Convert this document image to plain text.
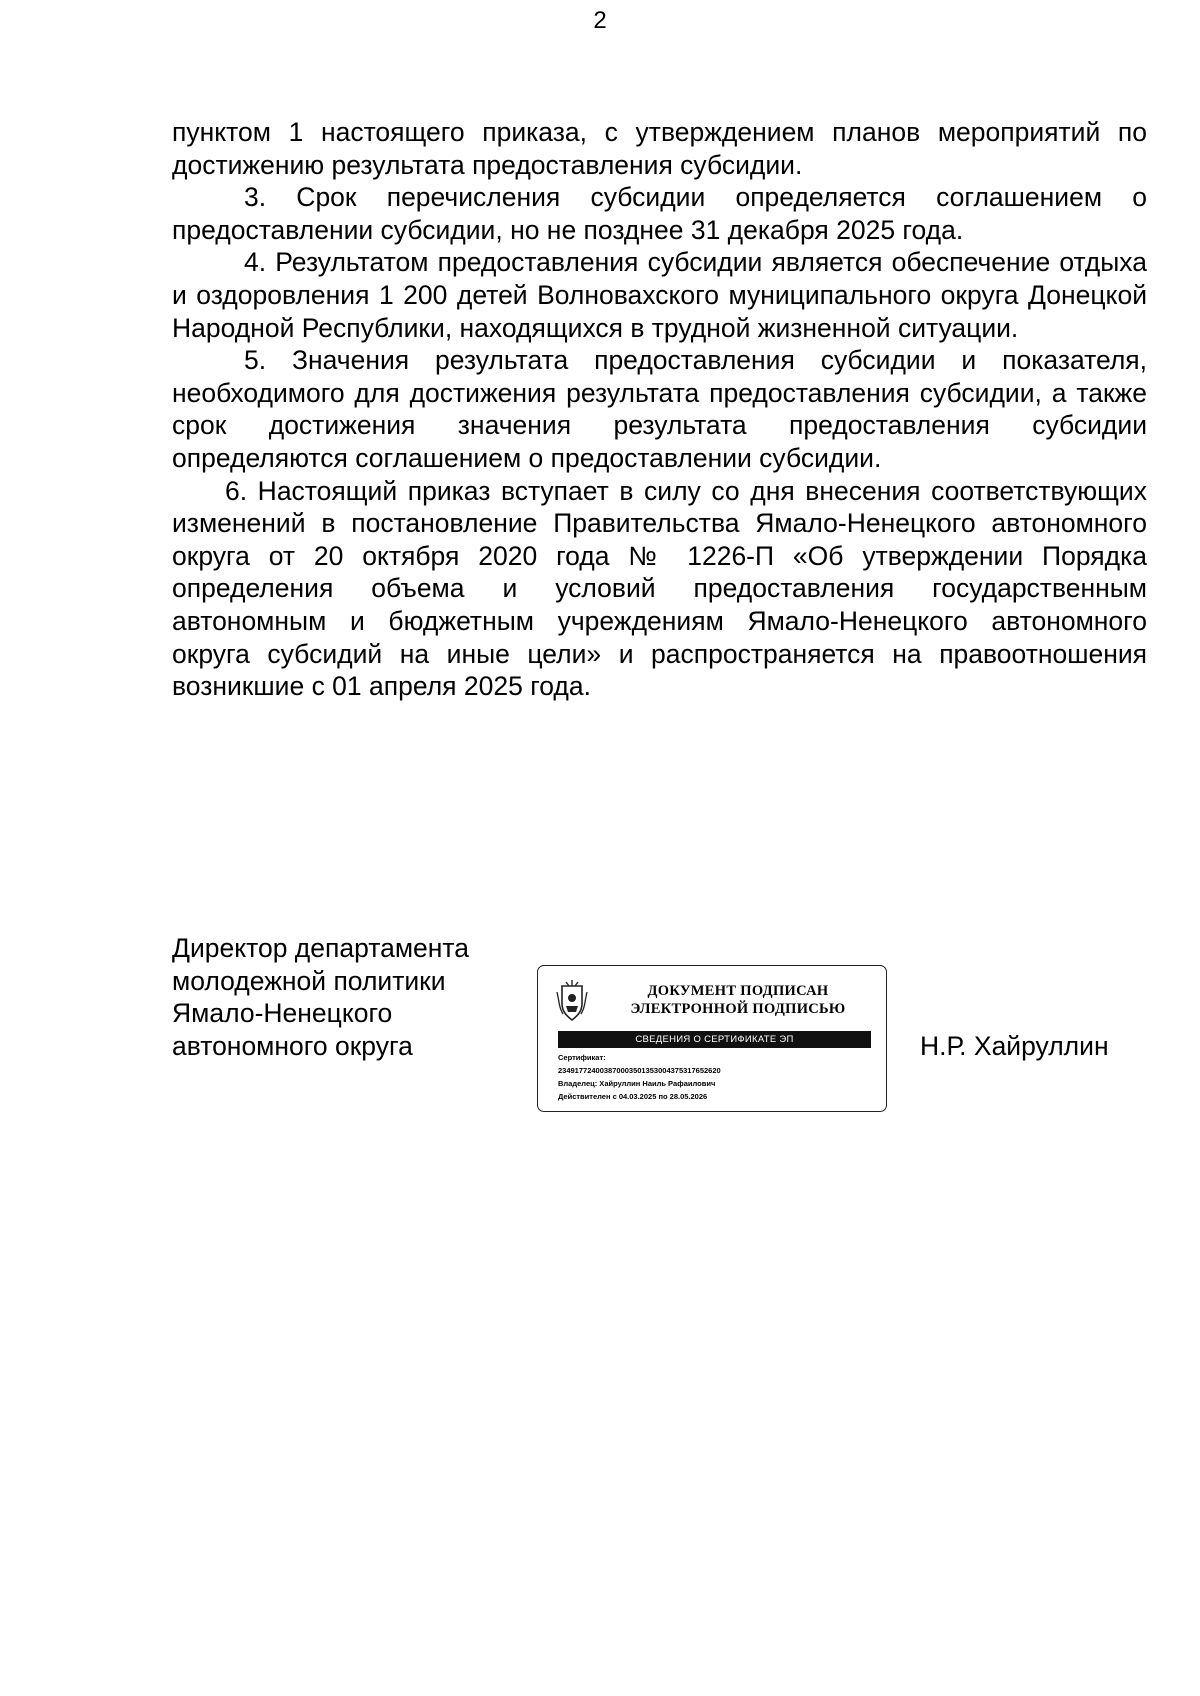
2

пунктом 1 настоящего приказа, с утверждением планов мероприятий по достижению результата предоставления субсидии.

3. Срок перечисления субсидии определяется соглашением о предоставлении субсидии, но не позднее 31 декабря 2025 года.

4. Результатом предоставления субсидии является обеспечение отдыха и оздоровления 1 200 детей Волновахского муниципального округа Донецкой Народной Республики, находящихся в трудной жизненной ситуации.

5. Значения результата предоставления субсидии и показателя, необходимого для достижения результата предоставления субсидии, а также срок достижения значения результата предоставления субсидии определяются соглашением о предоставлении субсидии.

6. Настоящий приказ вступает в силу со дня внесения соответствующих изменений в постановление Правительства Ямало-Ненецкого автономного округа от 20 октября 2020 года № 1226-П «Об утверждении Порядка определения объема и условий предоставления государственным автономным и бюджетным учреждениям Ямало-Ненецкого автономного округа субсидий на иные цели» и распространяется на правоотношения возникшие с 01 апреля 2025 года.

Директор департамента
молодежной политики
Ямало-Ненецкого
автономного округа
ДОКУМЕНТ ПОДПИСАН
ЭЛЕКТРОННОЙ ПОДПИСЬЮ
СВЕДЕНИЯ О СЕРТИФИКАТЕ ЭП
Сертификат:
234917724003870003501353004375317652620
Владелец: Хайруллин Наиль Рафаилович
Действителен с 04.03.2025 по 28.05.2026
Н.Р. Хайруллин
